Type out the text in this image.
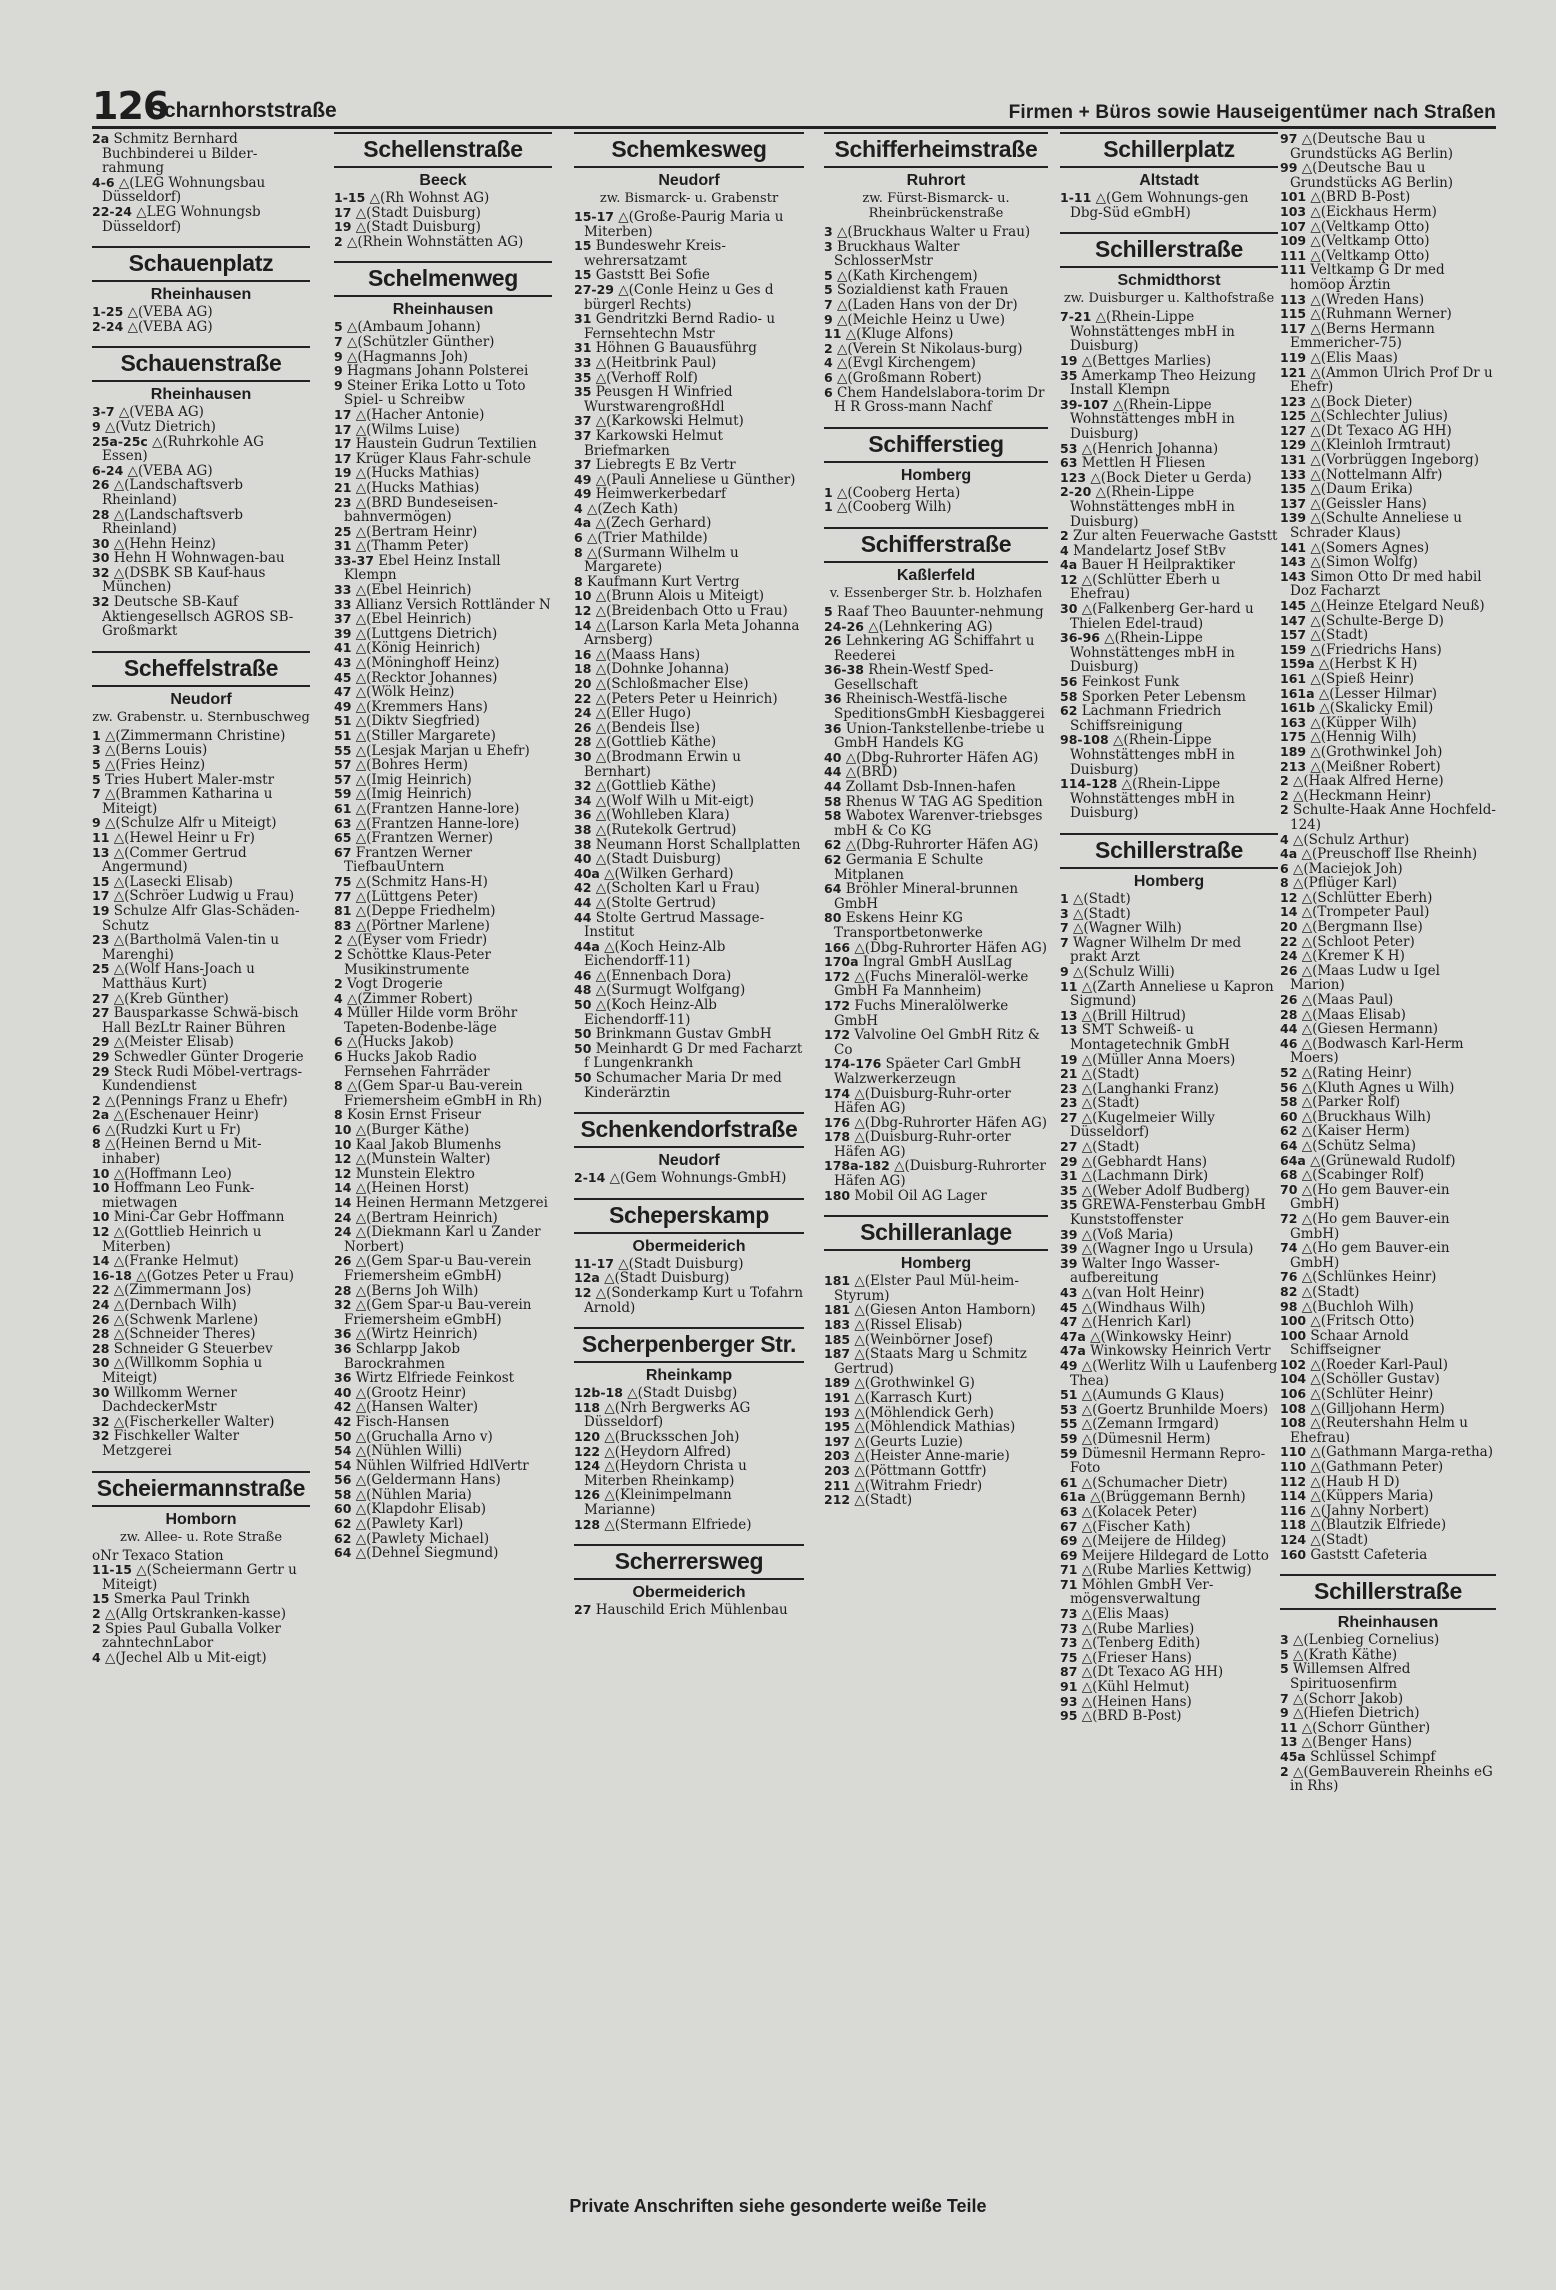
126
Scharnhorststraße	Firmen + Büros sowie Hauseigentümer nach Straßen

2a Schmitz Bernhard Buchbinderei u Bilder-rahmung

4-6 △(LEG Wohnungsbau Düsseldorf)

22-24 △LEG Wohnungsb Düsseldorf)

Schauenplatz
Rheinhausen

1-25 △(VEBA AG)

2-24 △(VEBA AG)

Schauenstraße
Rheinhausen

3-7 △(VEBA AG)

9 △(Vutz Dietrich)

25a-25c △(Ruhrkohle AG Essen)

6-24 △(VEBA AG)

26 △(Landschaftsverb Rheinland)

28 △(Landschaftsverb Rheinland)

30 △(Hehn Heinz)

30 Hehn H Wohnwagen-bau

32 △(DSBK SB Kauf-haus München)

32 Deutsche SB-Kauf Aktiengesellsch AGROS SB-Großmarkt

Scheffelstraße
Neudorf
zw. Grabenstr. u. Sternbuschweg

1 △(Zimmermann Christine)

3 △(Berns Louis)

5 △(Fries Heinz)

5 Tries Hubert Maler-mstr

7 △(Brammen Katharina u Miteigt)

9 △(Schulze Alfr u Miteigt)

11 △(Hewel Heinr u Fr)

13 △(Commer Gertrud Angermund)

15 △(Lasecki Elisab)

17 △(Schröer Ludwig u Frau)

19 Schulze Alfr Glas-Schäden-Schutz

23 △(Bartholmä Valen-tin u Marenghi)

25 △(Wolf Hans-Joach u Matthäus Kurt)

27 △(Kreb Günther)

27 Bausparkasse Schwä-bisch Hall BezLtr Rainer Bühren

29 △(Meister Elisab)

29 Schwedler Günter Drogerie

29 Steck Rudi Möbel-vertrags-Kundendienst

2 △(Pennings Franz u Ehefr)

2a △(Eschenauer Heinr)

6 △(Rudzki Kurt u Fr)

8 △(Heinen Bernd u Mit-inhaber)

10 △(Hoffmann Leo)

10 Hoffmann Leo Funk-mietwagen

10 Mini-Car Gebr Hoffmann

12 △(Gottlieb Heinrich u Miterben)

14 △(Franke Helmut)

16-18 △(Gotzes Peter u Frau)

22 △(Zimmermann Jos)

24 △(Dernbach Wilh)

26 △(Schwenk Marlene)

28 △(Schneider Theres)

28 Schneider G Steuerbev

30 △(Willkomm Sophia u Miteigt)

30 Willkomm Werner DachdeckerMstr

32 △(Fischerkeller Walter)

32 Fischkeller Walter Metzgerei

Scheiermannstraße
Homborn
zw. Allee- u. Rote Straße

oNr Texaco Station

11-15 △(Scheiermann Gertr u Miteigt)

15 Smerka Paul Trinkh

2 △(Allg Ortskranken-kasse)

2 Spies Paul Guballa Volker zahntechnLabor

4 △(Jechel Alb u Mit-eigt)

Schellenstraße
Beeck

1-15 △(Rh Wohnst AG)

17 △(Stadt Duisburg)

19 △(Stadt Duisburg)

2 △(Rhein Wohnstätten AG)

Schelmenweg
Rheinhausen

5 △(Ambaum Johann)

7 △(Schützler Günther)

9 △(Hagmanns Joh)

9 Hagmans Johann Polsterei

9 Steiner Erika Lotto u Toto Spiel- u Schreibw

17 △(Hacher Antonie)

17 △(Wilms Luise)

17 Haustein Gudrun Textilien

17 Krüger Klaus Fahr-schule

19 △(Hucks Mathias)

21 △(Hucks Mathias)

23 △(BRD Bundeseisen-bahnvermögen)

25 △(Bertram Heinr)

31 △(Thamm Peter)

33-37 Ebel Heinz Install Klempn

33 △(Ebel Heinrich)

33 Allianz Versich Rottländer N

37 △(Ebel Heinrich)

39 △(Luttgens Dietrich)

41 △(König Heinrich)

43 △(Möninghoff Heinz)

45 △(Recktor Johannes)

47 △(Wölk Heinz)

49 △(Kremmers Hans)

51 △(Diktv Siegfried)

51 △(Stiller Margarete)

55 △(Lesjak Marjan u Ehefr)

57 △(Bohres Herm)

57 △(Imig Heinrich)

59 △(Imig Heinrich)

61 △(Frantzen Hanne-lore)

63 △(Frantzen Hanne-lore)

65 △(Frantzen Werner)

67 Frantzen Werner TiefbauUntern

75 △(Schmitz Hans-H)

77 △(Lüttgens Peter)

81 △(Deppe Friedhelm)

83 △(Pörtner Marlene)

2 △(Eyser vom Friedr)

2 Schöttke Klaus-Peter Musikinstrumente

2 Vogt Drogerie

4 △(Zimmer Robert)

4 Müller Hilde vorm Bröhr Tapeten-Bodenbe-läge

6 △(Hucks Jakob)

6 Hucks Jakob Radio Fernsehen Fahrräder

8 △(Gem Spar-u Bau-verein Friemersheim eGmbH in Rh)

8 Kosin Ernst Friseur

10 △(Burger Käthe)

10 Kaal Jakob Blumenhs

12 △(Munstein Walter)

12 Munstein Elektro

14 △(Heinen Horst)

14 Heinen Hermann Metzgerei

24 △(Bertram Heinrich)

24 △(Diekmann Karl u Zander Norbert)

26 △(Gem Spar-u Bau-verein Friemersheim eGmbH)

28 △(Berns Joh Wilh)

32 △(Gem Spar-u Bau-verein Friemersheim eGmbH)

36 △(Wirtz Heinrich)

36 Schlarpp Jakob Barockrahmen

36 Wirtz Elfriede Feinkost

40 △(Grootz Heinr)

42 △(Hansen Walter)

42 Fisch-Hansen

50 △(Gruchalla Arno v)

54 △(Nühlen Willi)

54 Nühlen Wilfried HdlVertr

56 △(Geldermann Hans)

58 △(Nühlen Maria)

60 △(Klapdohr Elisab)

62 △(Pawlety Karl)

62 △(Pawlety Michael)

64 △(Dehnel Siegmund)

Schemkesweg
Neudorf
zw. Bismarck- u. Grabenstr

15-17 △(Große-Paurig Maria u Miterben)

15 Bundeswehr Kreis-wehrersatzamt

15 Gaststt Bei Sofie

27-29 △(Conle Heinz u Ges d bürgerl Rechts)

31 Gendritzki Bernd Radio- u Fernsehtechn Mstr

31 Höhnen G Bauausführg

33 △(Heitbrink Paul)

35 △(Verhoff Rolf)

35 Peusgen H Winfried WurstwarengroßHdl

37 △(Karkowski Helmut)

37 Karkowski Helmut Briefmarken

37 Liebregts E Bz Vertr

49 △(Pauli Anneliese u Günther)

49 Heimwerkerbedarf

4 △(Zech Kath)

4a △(Zech Gerhard)

6 △(Trier Mathilde)

8 △(Surmann Wilhelm u Margarete)

8 Kaufmann Kurt Vertrg

10 △(Brunn Alois u Miteigt)

12 △(Breidenbach Otto u Frau)

14 △(Larson Karla Meta Johanna Arnsberg)

16 △(Maass Hans)

18 △(Dohnke Johanna)

20 △(Schloßmacher Else)

22 △(Peters Peter u Heinrich)

24 △(Eller Hugo)

26 △(Bendeis Ilse)

28 △(Gottlieb Käthe)

30 △(Brodmann Erwin u Bernhart)

32 △(Gottlieb Käthe)

34 △(Wolf Wilh u Mit-eigt)

36 △(Wohlleben Klara)

38 △(Rutekolk Gertrud)

38 Neumann Horst Schallplatten

40 △(Stadt Duisburg)

40a △(Wilken Gerhard)

42 △(Scholten Karl u Frau)

44 △(Stolte Gertrud)

44 Stolte Gertrud Massage-Institut

44a △(Koch Heinz-Alb Eichendorff-11)

46 △(Ennenbach Dora)

48 △(Surmugt Wolfgang)

50 △(Koch Heinz-Alb Eichendorff-11)

50 Brinkmann Gustav GmbH

50 Meinhardt G Dr med Facharzt f Lungenkrankh

50 Schumacher Maria Dr med Kinderärztin

Schenkendorfstraße
Neudorf

2-14 △(Gem Wohnungs-GmbH)

Scheperskamp
Obermeiderich

11-17 △(Stadt Duisburg)

12a △(Stadt Duisburg)

12 △(Sonderkamp Kurt u Tofahrn Arnold)

Scherpenberger Str.
Rheinkamp

12b-18 △(Stadt Duisbg)

118 △(Nrh Bergwerks AG Düsseldorf)

120 △(Brucksschen Joh)

122 △(Heydorn Alfred)

124 △(Heydorn Christa u Miterben Rheinkamp)

126 △(Kleinimpelmann Marianne)

128 △(Stermann Elfriede)

Scherrersweg
Obermeiderich

27 Hauschild Erich Mühlenbau

Schifferheimstraße
Ruhrort
zw. Fürst-Bismarck- u. Rheinbrückenstraße

3 △(Bruckhaus Walter u Frau)

3 Bruckhaus Walter SchlosserMstr

5 △(Kath Kirchengem)

5 Sozialdienst kath Frauen

7 △(Laden Hans von der Dr)

9 △(Meichle Heinz u Uwe)

11 △(Kluge Alfons)

2 △(Verein St Nikolaus-burg)

4 △(Evgl Kirchengem)

6 △(Großmann Robert)

6 Chem Handelslabora-torim Dr H R Gross-mann Nachf

Schifferstieg
Homberg

1 △(Cooberg Herta)

1 △(Cooberg Wilh)

Schifferstraße
Kaßlerfeld
v. Essenberger Str. b. Holzhafen

5 Raaf Theo Bauunter-nehmung

24-26 △(Lehnkering AG)

26 Lehnkering AG Schiffahrt u Reederei

36-38 Rhein-Westf Sped-Gesellschaft

36 Rheinisch-Westfä-lische SpeditionsGmbH Kiesbaggerei

36 Union-Tankstellenbe-triebe u GmbH Handels KG

40 △(Dbg-Ruhrorter Häfen AG)

44 △(BRD)

44 Zollamt Dsb-Innen-hafen

58 Rhenus W TAG AG Spedition

58 Wabotex Warenver-triebsges mbH & Co KG

62 △(Dbg-Ruhrorter Häfen AG)

62 Germania E Schulte Mitplanen

64 Bröhler Mineral-brunnen GmbH

80 Eskens Heinr KG Transportbetonwerke

166 △(Dbg-Ruhrorter Häfen AG)

170a Ingral GmbH AuslLag

172 △(Fuchs Mineralöl-werke GmbH Fa Mannheim)

172 Fuchs Mineralölwerke GmbH

172 Valvoline Oel GmbH Ritz & Co

174-176 Späeter Carl GmbH Walzwerkerzeugn

174 △(Duisburg-Ruhr-orter Häfen AG)

176 △(Dbg-Ruhrorter Häfen AG)

178 △(Duisburg-Ruhr-orter Häfen AG)

178a-182 △(Duisburg-Ruhrorter Häfen AG)

180 Mobil Oil AG Lager

Schilleranlage
Homberg

181 △(Elster Paul Mül-heim-Styrum)

181 △(Giesen Anton Hamborn)

183 △(Rissel Elisab)

185 △(Weinbörner Josef)

187 △(Staats Marg u Schmitz Gertrud)

189 △(Grothwinkel G)

191 △(Karrasch Kurt)

193 △(Möhlendick Gerh)

195 △(Möhlendick Mathias)

197 △(Geurts Luzie)

203 △(Heister Anne-marie)

203 △(Pöttmann Gottfr)

211 △(Witrahm Friedr)

212 △(Stadt)

Schillerplatz
Altstadt

1-11 △(Gem Wohnungs-gen Dbg-Süd eGmbH)

Schillerstraße
Schmidthorst
zw. Duisburger u. Kalthofstraße

7-21 △(Rhein-Lippe Wohnstättenges mbH in Duisburg)

19 △(Bettges Marlies)

35 Amerkamp Theo Heizung Install Klempn

39-107 △(Rhein-Lippe Wohnstättenges mbH in Duisburg)

53 △(Henrich Johanna)

63 Mettlen H Fliesen

123 △(Bock Dieter u Gerda)

2-20 △(Rhein-Lippe Wohnstättenges mbH in Duisburg)

2 Zur alten Feuerwache Gaststt

4 Mandelartz Josef StBv

4a Bauer H Heilpraktiker

12 △(Schlütter Eberh u Ehefrau)

30 △(Falkenberg Ger-hard u Thielen Edel-traud)

36-96 △(Rhein-Lippe Wohnstättenges mbH in Duisburg)

56 Feinkost Funk

58 Sporken Peter Lebensm

62 Lachmann Friedrich Schiffsreinigung

98-108 △(Rhein-Lippe Wohnstättenges mbH in Duisburg)

114-128 △(Rhein-Lippe Wohnstättenges mbH in Duisburg)

Schillerstraße
Homberg

1 △(Stadt)

3 △(Stadt)

7 △(Wagner Wilh)

7 Wagner Wilhelm Dr med prakt Arzt

9 △(Schulz Willi)

11 △(Zarth Anneliese u Kapron Sigmund)

13 △(Brill Hiltrud)

13 SMT Schweiß- u Montagetechnik GmbH

19 △(Müller Anna Moers)

21 △(Stadt)

23 △(Langhanki Franz)

23 △(Stadt)

27 △(Kugelmeier Willy Düsseldorf)

27 △(Stadt)

29 △(Gebhardt Hans)

31 △(Lachmann Dirk)

35 △(Weber Adolf Budberg)

35 GREWA-Fensterbau GmbH Kunststoffenster

39 △(Voß Maria)

39 △(Wagner Ingo u Ursula)

39 Walter Ingo Wasser-aufbereitung

43 △(van Holt Heinr)

45 △(Windhaus Wilh)

47 △(Henrich Karl)

47a △(Winkowsky Heinr)

47a Winkowsky Heinrich Vertr

49 △(Werlitz Wilh u Laufenberg Thea)

51 △(Aumunds G Klaus)

53 △(Goertz Brunhilde Moers)

55 △(Zemann Irmgard)

59 △(Dümesnil Herm)

59 Dümesnil Hermann Repro-Foto

61 △(Schumacher Dietr)

61a △(Brüggemann Bernh)

63 △(Kolacek Peter)

67 △(Fischer Kath)

69 △(Meijere de Hildeg)

69 Meijere Hildegard de Lotto

71 △(Rube Marlies Kettwig)

71 Möhlen GmbH Ver-mögensverwaltung

73 △(Elis Maas)

73 △(Rube Marlies)

73 △(Tenberg Edith)

75 △(Frieser Hans)

87 △(Dt Texaco AG HH)

91 △(Kühl Helmut)

93 △(Heinen Hans)

95 △(BRD B-Post)

97 △(Deutsche Bau u Grundstücks AG Berlin)

99 △(Deutsche Bau u Grundstücks AG Berlin)

101 △(BRD B-Post)

103 △(Eickhaus Herm)

107 △(Veltkamp Otto)

109 △(Veltkamp Otto)

111 △(Veltkamp Otto)

111 Veltkamp G Dr med homöop Ärztin

113 △(Wreden Hans)

115 △(Ruhmann Werner)

117 △(Berns Hermann Emmericher-75)

119 △(Elis Maas)

121 △(Ammon Ulrich Prof Dr u Ehefr)

123 △(Bock Dieter)

125 △(Schlechter Julius)

127 △(Dt Texaco AG HH)

129 △(Kleinloh Irmtraut)

131 △(Vorbrüggen Ingeborg)

133 △(Nottelmann Alfr)

135 △(Daum Erika)

137 △(Geissler Hans)

139 △(Schulte Anneliese u Schrader Klaus)

141 △(Somers Agnes)

143 △(Simon Wolfg)

143 Simon Otto Dr med habil Doz Facharzt

145 △(Heinze Etelgard Neuß)

147 △(Schulte-Berge D)

157 △(Stadt)

159 △(Friedrichs Hans)

159a △(Herbst K H)

161 △(Spieß Heinr)

161a △(Lesser Hilmar)

161b △(Skalicky Emil)

163 △(Küpper Wilh)

175 △(Hennig Wilh)

189 △(Grothwinkel Joh)

213 △(Meißner Robert)

2 △(Haak Alfred Herne)

2 △(Heckmann Heinr)

2 Schulte-Haak Anne Hochfeld-124)

4 △(Schulz Arthur)

4a △(Preuschoff Ilse Rheinh)

6 △(Maciejok Joh)

8 △(Pflüger Karl)

12 △(Schlütter Eberh)

14 △(Trompeter Paul)

20 △(Bergmann Ilse)

22 △(Schloot Peter)

24 △(Kremer K H)

26 △(Maas Ludw u Igel Marion)

26 △(Maas Paul)

28 △(Maas Elisab)

44 △(Giesen Hermann)

46 △(Bodwasch Karl-Herm Moers)

52 △(Rating Heinr)

56 △(Kluth Agnes u Wilh)

58 △(Parker Rolf)

60 △(Bruckhaus Wilh)

62 △(Kaiser Herm)

64 △(Schütz Selma)

64a △(Grünewald Rudolf)

68 △(Scabinger Rolf)

70 △(Ho gem Bauver-ein GmbH)

72 △(Ho gem Bauver-ein GmbH)

74 △(Ho gem Bauver-ein GmbH)

76 △(Schlünkes Heinr)

82 △(Stadt)

98 △(Buchloh Wilh)

100 △(Fritsch Otto)

100 Schaar Arnold Schiffseigner

102 △(Roeder Karl-Paul)

104 △(Schöller Gustav)

106 △(Schlüter Heinr)

108 △(Gilljohann Herm)

108 △(Reutershahn Helm u Ehefrau)

110 △(Gathmann Marga-retha)

110 △(Gathmann Peter)

112 △(Haub H D)

114 △(Küppers Maria)

116 △(Jahny Norbert)

118 △(Blautzik Elfriede)

124 △(Stadt)

160 Gaststt Cafeteria

Schillerstraße
Rheinhausen

3 △(Lenbieg Cornelius)

5 △(Krath Käthe)

5 Willemsen Alfred Spirituosenfirm

7 △(Schorr Jakob)

9 △(Hiefen Dietrich)

11 △(Schorr Günther)

13 △(Benger Hans)

45a Schlüssel Schimpf

2 △(GemBauverein Rheinhs eG in Rhs)

Private Anschriften siehe gesonderte weiße Teile
